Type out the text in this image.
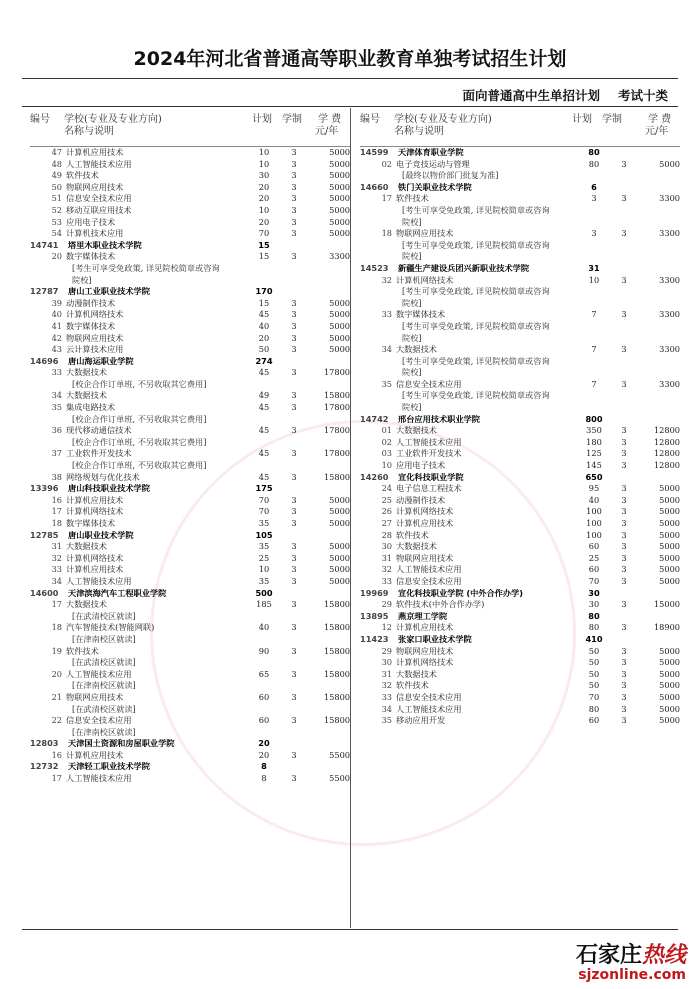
2024年河北省普通高等职业教育单独考试招生计划
面向普通高中生单招计划 考试十类
编号 学校(专业及专业方向)
名称与说明
计划 学制 学 费
元/年
47 计算机应用技术	10	3	5000
48 人工智能技术应用	10	3	5000
49 软件技术	30	3	5000
50 物联网应用技术	20	3	5000
51 信息安全技术应用	20	3	5000
52 移动互联应用技术	10	3	5000
53 应用电子技术	20	3	5000
54 计算机技术应用	70	3	5000
14741	塔里木职业技术学院	15
20 数字媒体技术	15	3	3300
[考生可享受免政策, 详见院校简章或咨询
院校]
12787	唐山工业职业技术学院	170
39 动漫制作技术	15	3	5000
40 计算机网络技术	45	3	5000
41 数字媒体技术	40	3	5000
42 物联网应用技术	20	3	5000
43 云计算技术应用	50	3	5000
14696	唐山海运职业学院	274
33 大数据技术	45	3	17800
[校企合作订单班, 不另收取其它费用]
34 大数据技术	49	3	15800
35 集成电路技术	45	3	17800
[校企合作订单班, 不另收取其它费用]
36 现代移动通信技术	45	3	17800
[校企合作订单班, 不另收取其它费用]
37 工业软件开发技术	45	3	17800
[校企合作订单班, 不另收取其它费用]
38 网络规划与优化技术	45	3	15800
13396	唐山科技职业技术学院	175
16 计算机应用技术	70	3	5000
17 计算机网络技术	70	3	5000
18 数字媒体技术	35	3	5000
12785	唐山职业技术学院	105
31 大数据技术	35	3	5000
32 计算机网络技术	25	3	5000
33 计算机应用技术	10	3	5000
34 人工智能技术应用	35	3	5000
14600	天津滨海汽车工程职业学院	500
17 大数据技术	185	3	15800
[在武清校区就读]
18 汽车智能技术(智能网联)	40	3	15800
[在津南校区就读]
19 软件技术	90	3	15800
[在武清校区就读]
20 人工智能技术应用	65	3	15800
[在津南校区就读]
21 物联网应用技术	60	3	15800
[在武清校区就读]
22 信息安全技术应用	60	3	15800
[在津南校区就读]
12803	天津国土资源和房屋职业学院	20
16 计算机应用技术	20	3	5500
12732	天津轻工职业技术学院	8
17 人工智能技术应用	8	3	5500
编号 学校(专业及专业方向)
名称与说明
计划 学制	学 费
元/年
14599	天津体育职业学院	80
02 电子竞技运动与管理	80	3	5000
[最终以物价部门批复为准]
14660	铁门关职业技术学院	6
17 软件技术	3	3	3300
[考生可享受免政策, 详见院校简章或咨询
院校]
18 物联网应用技术	3	3	3300
[考生可享受免政策, 详见院校简章或咨询
院校]
14523	新疆生产建设兵团兴新职业技术学院	31
32 计算机网络技术	10	3	3300
[考生可享受免政策, 详见院校简章或咨询
院校]
33 数字媒体技术	7	3	3300
[考生可享受免政策, 详见院校简章或咨询
院校]
34 大数据技术	7	3	3300
[考生可享受免政策, 详见院校简章或咨询
院校]
35 信息安全技术应用	7	3	3300
[考生可享受免政策, 详见院校简章或咨询
院校]
14742	邢台应用技术职业学院	800
01 大数据技术	350	3	12800
02 人工智能技术应用	180	3	12800
03 工业软件开发技术	125	3	12800
10 应用电子技术	145	3	12800
14260	宣化科技职业学院	650
24 电子信息工程技术	95	3	5000
25 动漫制作技术	40	3	5000
26 计算机网络技术	100	3	5000
27 计算机应用技术	100	3	5000
28 软件技术	100	3	5000
30 大数据技术	60	3	5000
31 物联网应用技术	25	3	5000
32 人工智能技术应用	60	3	5000
33 信息安全技术应用	70	3	5000
19969	宣化科技职业学院 (中外合作办学)	30
29 软件技术(中外合作办学)	30	3	15000
13895	燕京理工学院	80
12 计算机应用技术	80	3	18900
11423	张家口职业技术学院	410
29 物联网应用技术	50	3	5000
30 计算机网络技术	50	3	5000
31 大数据技术	50	3	5000
32 软件技术	50	3	5000
33 信息安全技术应用	70	3	5000
34 人工智能技术应用	80	3	5000
35 移动应用开发	60	3	5000
石家庄热线
sjzonline.com
